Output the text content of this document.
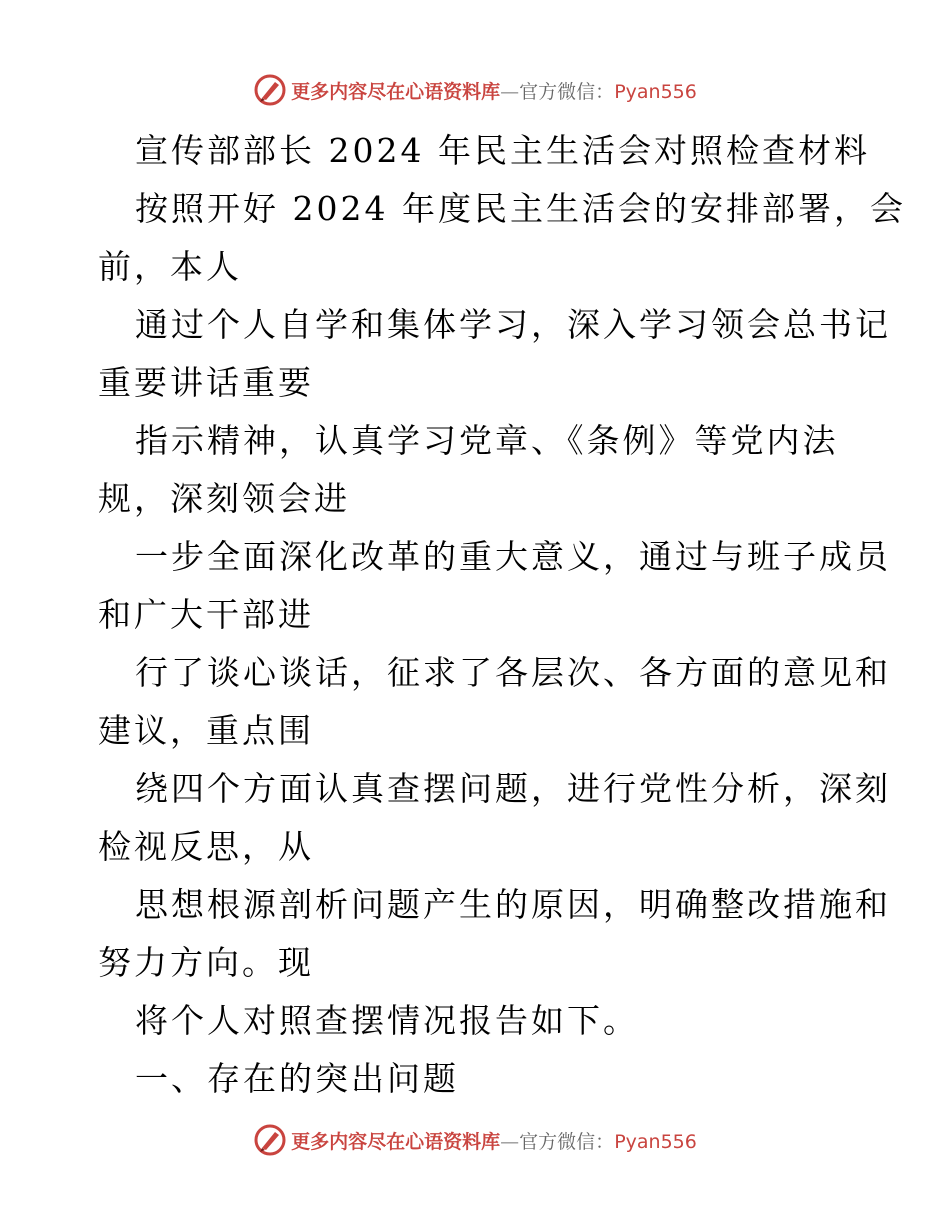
更多内容尽在心语资料库—官方微信：Pyan556
宣传部部长 2024 年民主生活会对照检查材料
按照开好 2024 年度民主生活会的安排部署，会
前，本人
通过个人自学和集体学习，深入学习领会总书记
重要讲话重要
指示精神，认真学习党章、《条例》等党内法
规，深刻领会进
一步全面深化改革的重大意义，通过与班子成员
和广大干部进
行了谈心谈话，征求了各层次、各方面的意见和
建议，重点围
绕四个方面认真查摆问题，进行党性分析，深刻
检视反思，从
思想根源剖析问题产生的原因，明确整改措施和
努力方向。现
将个人对照查摆情况报告如下。
一、存在的突出问题
更多内容尽在心语资料库—官方微信：Pyan556
